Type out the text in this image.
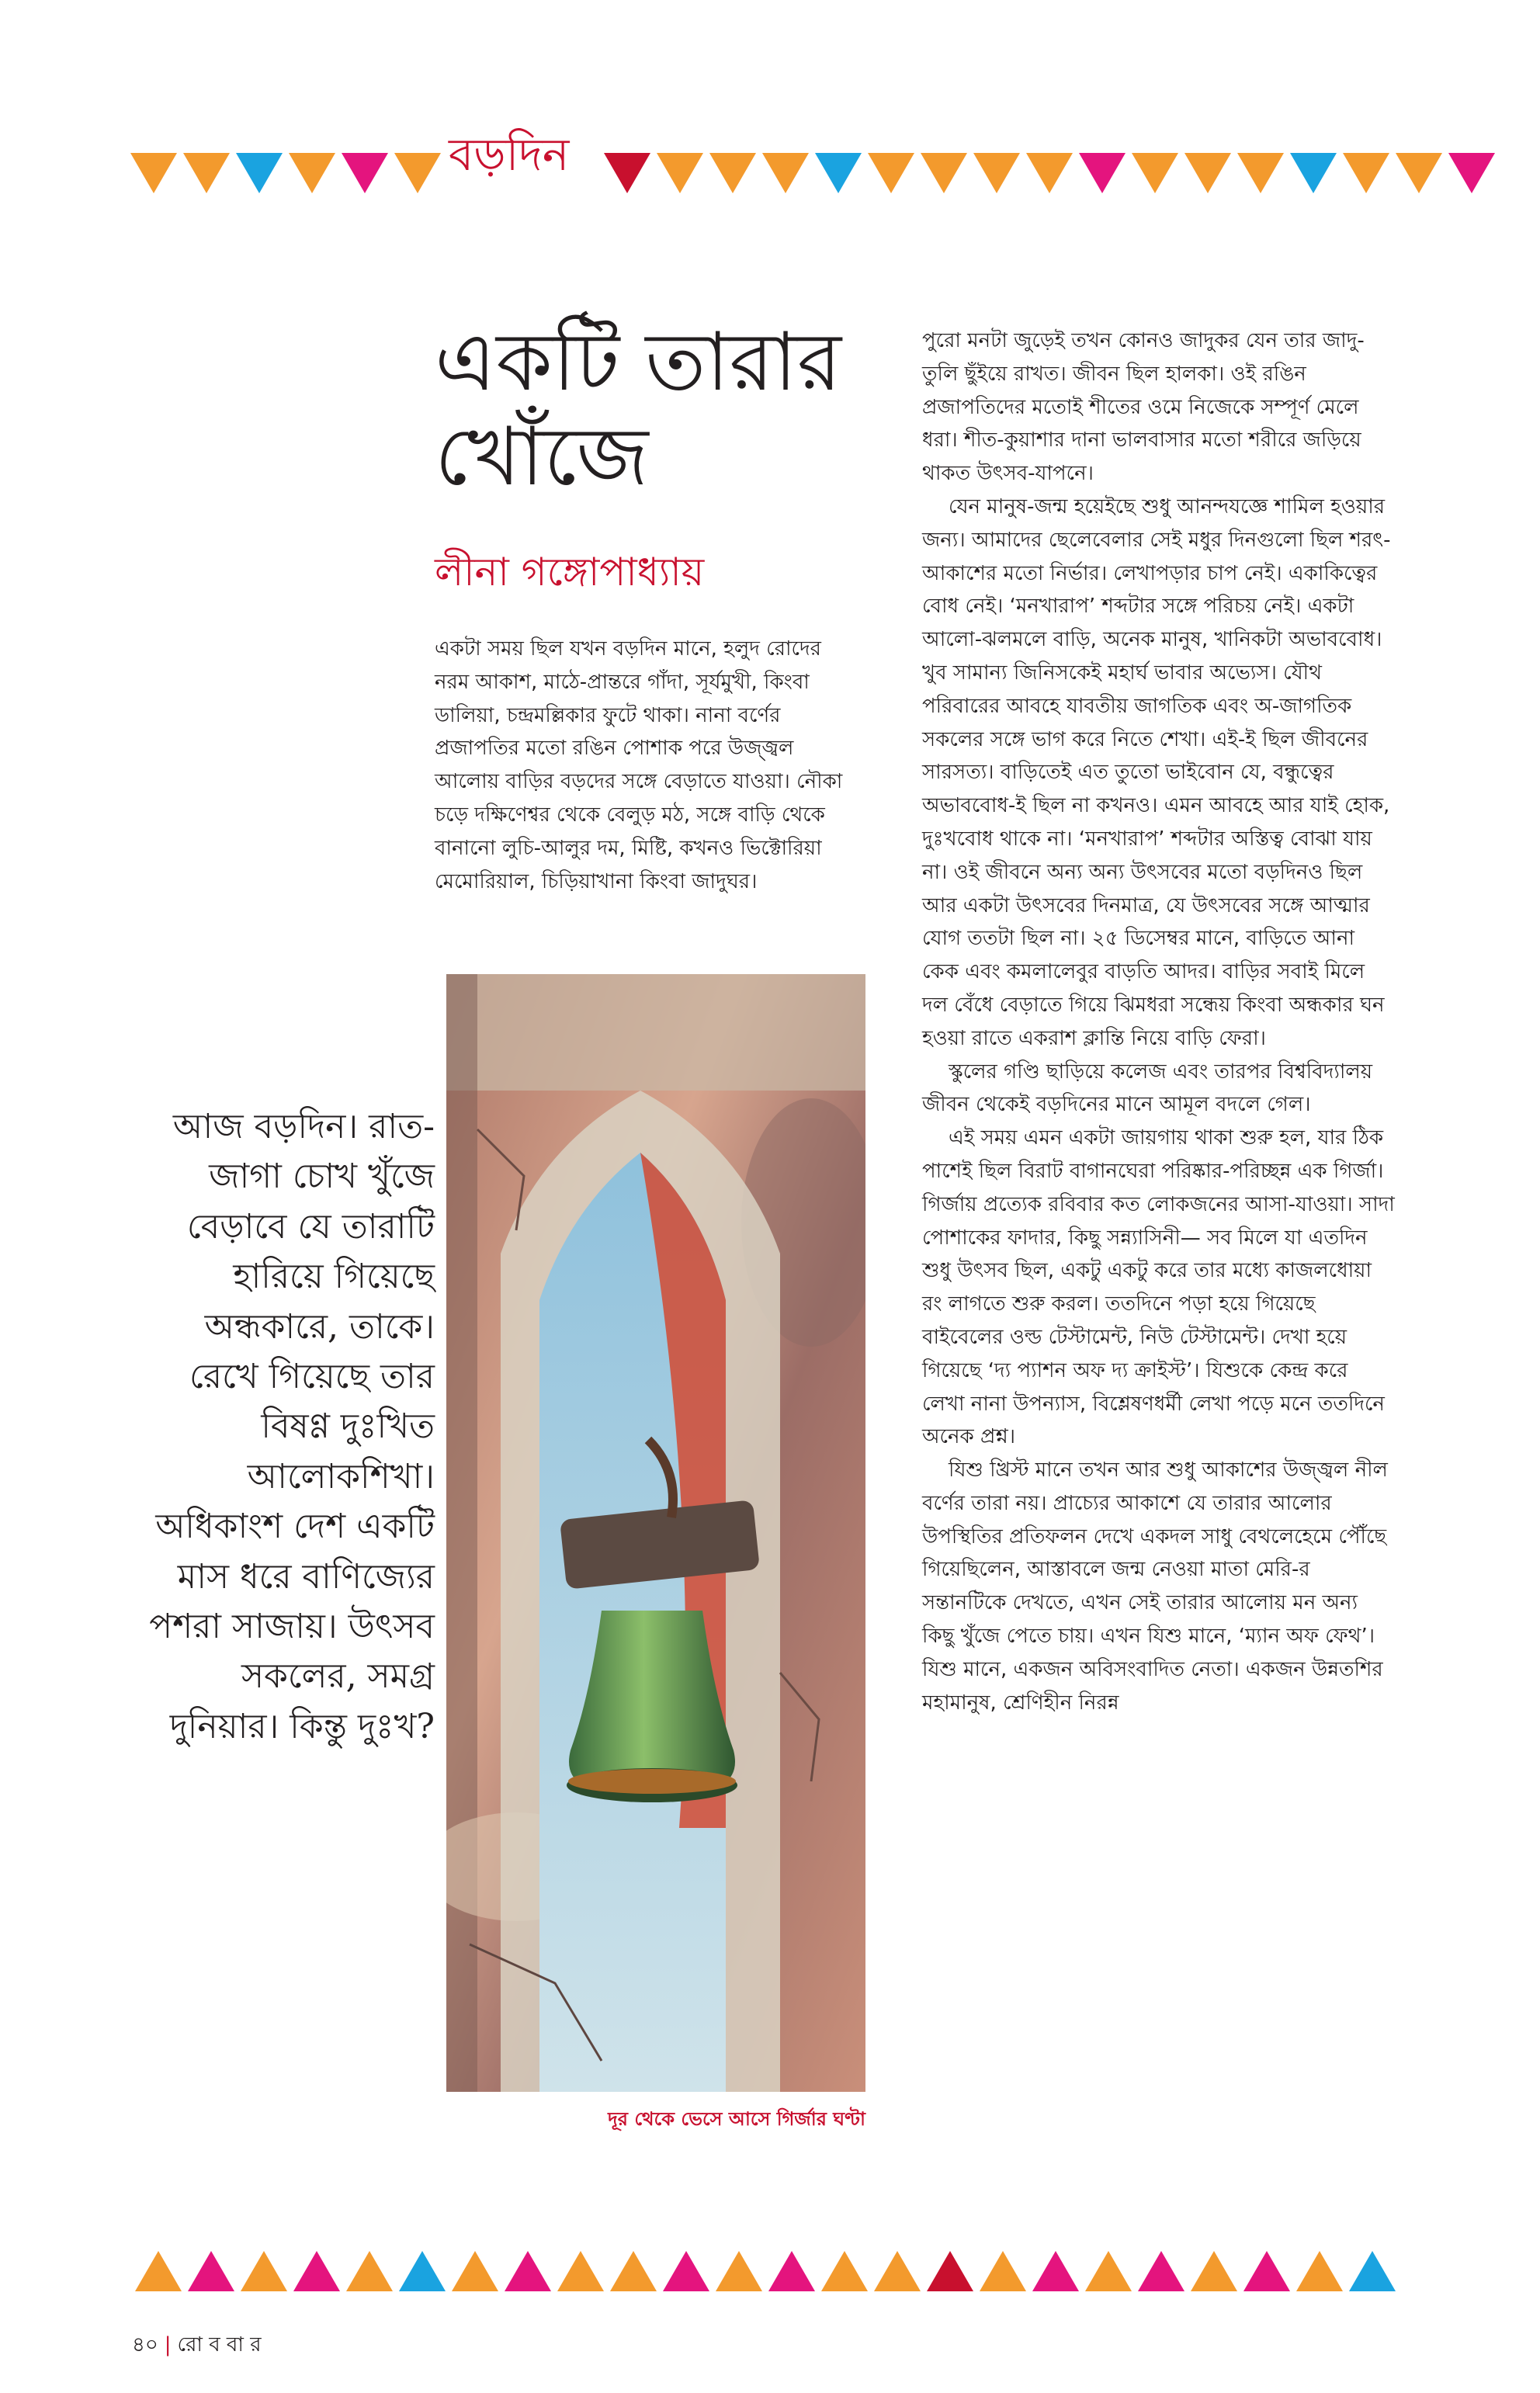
বড়দিন
একটি তারার খোঁজে
লীনা গঙ্গোপাধ্যায়

একটা সময় ছিল যখন বড়দিন মানে, হলুদ রোদের নরম আকাশ, মাঠে-প্রান্তরে গাঁদা, সূর্যমুখী, কিংবা ডালিয়া, চন্দ্রমল্লিকার ফুটে থাকা। নানা বর্ণের প্রজাপতির মতো রঙিন পোশাক পরে উজ্জ্বল আলোয় বাড়ির বড়দের সঙ্গে বেড়াতে যাওয়া। নৌকা চড়ে দক্ষিণেশ্বর থেকে বেলুড় মঠ, সঙ্গে বাড়ি থেকে বানানো লুচি-আলুর দম, মিষ্টি, কখনও ভিক্টোরিয়া মেমোরিয়াল, চিড়িয়াখানা কিংবা জাদুঘর।

পুরো মনটা জুড়েই তখন কোনও জাদুকর যেন তার জাদু-তুলি ছুঁইয়ে রাখত। জীবন ছিল হালকা। ওই রঙিন প্রজাপতিদের মতোই শীতের ওমে নিজেকে সম্পূর্ণ মেলে ধরা। শীত-কুয়াশার দানা ভালবাসার মতো শরীরে জড়িয়ে থাকত উৎসব-যাপনে।

যেন মানুষ-জন্ম হয়েইছে শুধু আনন্দযজ্ঞে শামিল হওয়ার জন্য। আমাদের ছেলেবেলার সেই মধুর দিনগুলো ছিল শরৎ-আকাশের মতো নির্ভার। লেখাপড়ার চাপ নেই। একাকিত্বের বোধ নেই। ‘মনখারাপ’ শব্দটার সঙ্গে পরিচয় নেই। একটা আলো-ঝলমলে বাড়ি, অনেক মানুষ, খানিকটা অভাববোধ। খুব সামান্য জিনিসকেই মহার্ঘ ভাবার অভ্যেস। যৌথ পরিবারের আবহে যাবতীয় জাগতিক এবং অ-জাগতিক সকলের সঙ্গে ভাগ করে নিতে শেখা। এই-ই ছিল জীবনের সারসত্য। বাড়িতেই এত তুতো ভাইবোন যে, বন্ধুত্বের অভাববোধ-ই ছিল না কখনও। এমন আবহে আর যাই হোক, দুঃখবোধ থাকে না। ‘মনখারাপ’ শব্দটার অস্তিত্ব বোঝা যায় না। ওই জীবনে অন্য অন্য উৎসবের মতো বড়দিনও ছিল আর একটা উৎসবের দিনমাত্র, যে উৎসবের সঙ্গে আত্মার যোগ ততটা ছিল না। ২৫ ডিসেম্বর মানে, বাড়িতে আনা কেক এবং কমলালেবুর বাড়তি আদর। বাড়ির সবাই মিলে দল বেঁধে বেড়াতে গিয়ে ঝিমধরা সন্ধেয় কিংবা অন্ধকার ঘন হওয়া রাতে একরাশ ক্লান্তি নিয়ে বাড়ি ফেরা।

স্কুলের গণ্ডি ছাড়িয়ে কলেজ এবং তারপর বিশ্ববিদ্যালয় জীবন থেকেই বড়দিনের মানে আমূল বদলে গেল।

এই সময় এমন একটা জায়গায় থাকা শুরু হল, যার ঠিক পাশেই ছিল বিরাট বাগানঘেরা পরিষ্কার-পরিচ্ছন্ন এক গির্জা। গির্জায় প্রত্যেক রবিবার কত লোকজনের আসা-যাওয়া। সাদা পোশাকের ফাদার, কিছু সন্ন্যাসিনী— সব মিলে যা এতদিন শুধু উৎসব ছিল, একটু একটু করে তার মধ্যে কাজলধোয়া রং লাগতে শুরু করল। ততদিনে পড়া হয়ে গিয়েছে বাইবেলের ওল্ড টেস্টামেন্ট, নিউ টেস্টামেন্ট। দেখা হয়ে গিয়েছে ‘দ্য প্যাশন অফ দ্য ক্রাইস্ট’। যিশুকে কেন্দ্র করে লেখা নানা উপন্যাস, বিশ্লেষণধর্মী লেখা পড়ে মনে ততদিনে অনেক প্রশ্ন।

যিশু খ্রিস্ট মানে তখন আর শুধু আকাশের উজ্জ্বল নীল বর্ণের তারা নয়। প্রাচ্যের আকাশে যে তারার আলোর উপস্থিতির প্রতিফলন দেখে একদল সাধু বেথলেহেমে পৌঁছে গিয়েছিলেন, আস্তাবলে জন্ম নেওয়া মাতা মেরি-র সন্তানটিকে দেখতে, এখন সেই তারার আলোয় মন অন্য কিছু খুঁজে পেতে চায়। এখন যিশু মানে, ‘ম্যান অফ ফেথ’। যিশু মানে, একজন অবিসংবাদিত নেতা। একজন উন্নতশির মহামানুষ, শ্রেণিহীন নিরন্ন

আজ বড়দিন। রাত-জাগা চোখ খুঁজে বেড়াবে যে তারাটি হারিয়ে গিয়েছে অন্ধকারে, তাকে। রেখে গিয়েছে তার বিষণ্ণ দুঃখিত আলোকশিখা। অধিকাংশ দেশ একটি মাস ধরে বাণিজ্যের পশরা সাজায়। উৎসব সকলের, সমগ্র দুনিয়ার। কিন্তু দুঃখ?
দূর থেকে ভেসে আসে গির্জার ঘণ্টা
৪০ | রো ব বা র
